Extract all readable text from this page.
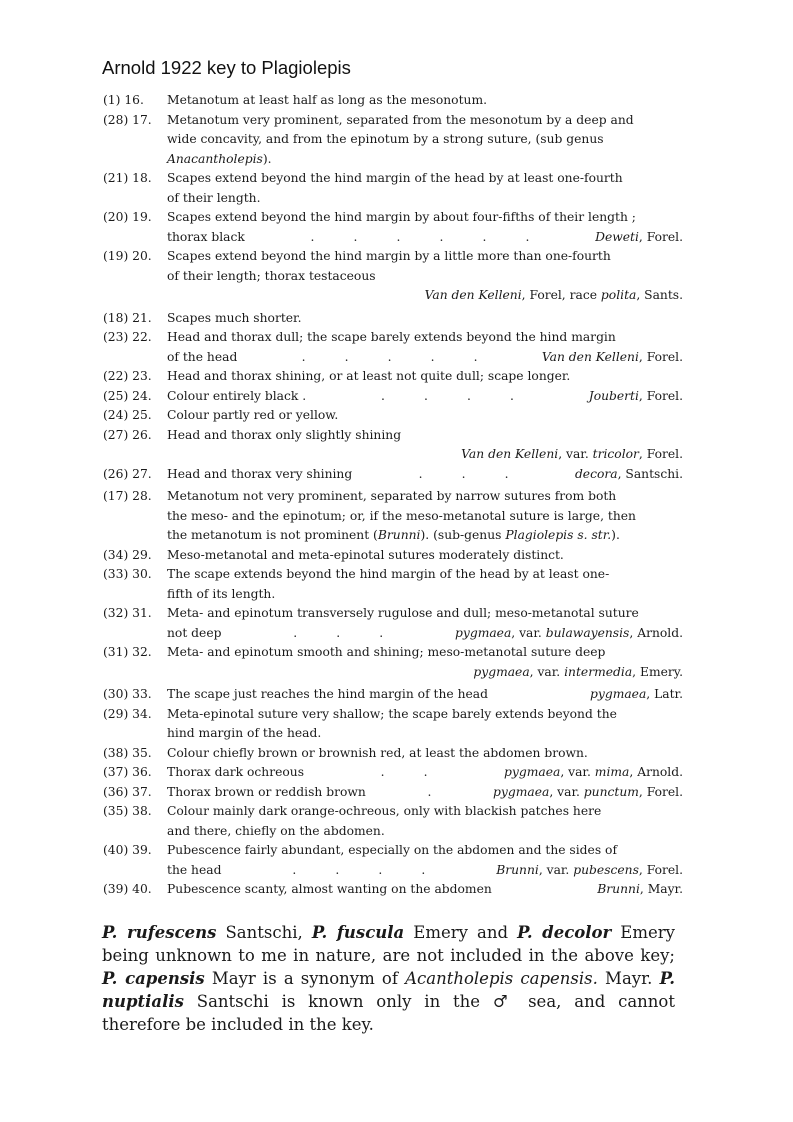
Arnold 1922 key to Plagiolepis
(1) 16.	Metanotum at least half as long as the mesonotum.
(28) 17.	Metanotum very prominent, separated from the mesonotum by a deep and
wide concavity, and from the epinotum by a strong suture, (sub genus
Anacantholepis).
(21) 18.	Scapes extend beyond the hind margin of the head by at least one-fourth
of their length.
(20) 19.	Scapes extend beyond the hind margin by about four-fifths of their length ;
thorax black	.          .          .          .          .          .	Deweti, Forel.
(19) 20.	Scapes extend beyond the hind margin by a little more than one-fourth
of their length; thorax testaceous
Van den Kelleni, Forel, race polita, Sants.
(18) 21.	Scapes much shorter.
(23) 22.	Head and thorax dull; the scape barely extends beyond the hind margin
of the head	.          .          .          .          .	Van den Kelleni, Forel.
(22) 23.	Head and thorax shining, or at least not quite dull; scape longer.
(25) 24.	Colour entirely black .	.          .          .          .	Jouberti, Forel.
(24) 25.	Colour partly red or yellow.
(27) 26.	Head and thorax only slightly shining
Van den Kelleni, var. tricolor, Forel.
(26) 27.	Head and thorax very shining	.          .          .	decora, Santschi.
(17) 28.	Metanotum not very prominent, separated by narrow sutures from both
the meso- and the epinotum; or, if the meso-metanotal suture is large, then
the metanotum is not prominent (Brunni). (sub-genus Plagiolepis s. str.).
(34) 29.	Meso-metanotal and meta-epinotal sutures moderately distinct.
(33) 30.	The scape extends beyond the hind margin of the head by at least one-
fifth of its length.
(32) 31.	Meta- and epinotum transversely rugulose and dull; meso-metanotal suture
not deep	.          .          .	pygmaea, var. bulawayensis, Arnold.
(31) 32.	Meta- and epinotum smooth and shining; meso-metanotal suture deep
pygmaea, var. intermedia, Emery.
(30) 33.	The scape just reaches the hind margin of the head
	pygmaea, Latr.
(29) 34.	Meta-epinotal suture very shallow; the scape barely extends beyond the
hind margin of the head.
(38) 35.	Colour chiefly brown or brownish red, at least the abdomen brown.
(37) 36.	Thorax dark ochreous	.          .	pygmaea, var. mima, Arnold.
(36) 37.	Thorax brown or reddish brown	.	pygmaea, var. punctum, Forel.
(35) 38.	Colour mainly dark orange-ochreous, only with blackish patches here
and there, chiefly on the abdomen.
(40) 39.	Pubescence fairly abundant, especially on the abdomen and the sides of
the head	.          .          .          .	Brunni, var. pubescens, Forel.
(39) 40.	Pubescence scanty, almost wanting on the abdomen
	Brunni, Mayr.
P. rufescens Santschi, P. fuscula Emery and P. decolor Emery being unknown to me in nature, are not included in the above key; P. capensis Mayr is a synonym of Acantholepis capensis. Mayr. P. nuptialis Santschi is known only in the ♂ sea, and cannot therefore be included in the key.
